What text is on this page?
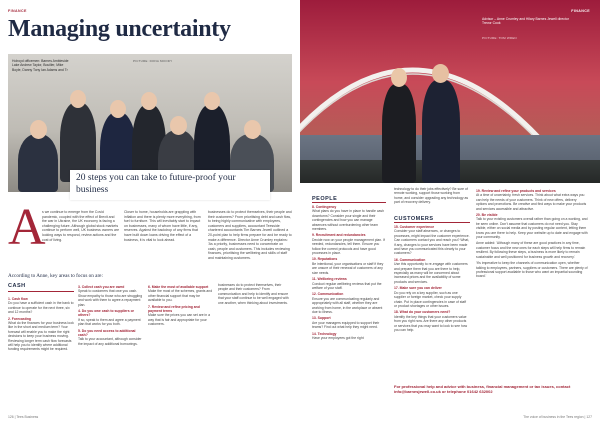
FINANCE
Managing uncertainty
Holroyd officemen: Barnes Ambleside Lake Andrew Taylor, Bouiller, Mike Boyle, Danny Tony Ian Adams and Tr
PICTURE: DONA MOODY
20 steps you can take to future-proof your business
A

s we continue to emerge from the Covid pandemic, coupled with the effect of Brexit and the war in Ukraine, the UK economy is facing a challenging future. Although global stock markets continue to perform well, UK business owners are looking ways to respond, review actions and the cost of living.

Closer to home, households are grappling with inflation and there is plenty more everything, from fuel to furniture. This will inevitably start to impact on businesses, many of whom have little, if any, reserves. Against the backdrop of any firms that have built down loans driving the effect of a business, it is vital to look ahead.

businesses do to protect themselves, their people and their customers? From prioritising debt and cash flow, to being highly communicative with employees, customers and suppliers, accountant Teesside chartered accountants Tim Barnes Jewell outlined a 20-point plan to help firms prepare for and be ready to make a difference. Director Anne Crumley explains: 'As a priority, businesses need to concentrate on cash, people and customers. This includes reviewing finances, prioritising the wellbeing and skills of staff and maintaining customers.

According to Anne, key areas to focus on are:
CASH
1. Cash flow
Do you have a sufficient cash in the bank to continue to operate for the next three, six and 12 months?
2. Forecasting
What do the finances for your business look like in the short and medium term? Your forecast will enable you to make the right decisions to keep your business moving. Reviewing longer term cash flow forecasts will help you to identify where additional funding requirements might be required.
3. Collect cash you are owed
Speak to customers that owe you cash. Show empathy to those who are struggling and work with them to agree a repayment plan.
4. Do you owe cash to suppliers or others?
If so, speak to them and agree a payment plan that works for you both.
5. Do you need access to additional cash?
Talk to your accountant, although consider the impact of any additional borrowings.
6. Make the most of available support
Make the most of the schemes, grants and other financial support that may be available to you.
7. Review and refine pricing and payment terms
Make sure the prices you can set are in a way that is fair and appropriate for your customers.
businesses do to protect themselves, their people and their customers? From communication and help to identify and ensure that your staff continue to be well engaged with one another, when thinking about investments.
126 | Tees Business
FINANCE
Advisor – Anne Crumley and Hilary Barnes Jewell director Trevor Cook
PICTURE: TOM WREN
PEOPLE
8. Contingency
What plans do you have in place to handle cash downturns? Consider your single and their contingencies and how you can manage absences without overburdening other team members.
9. Recruitment and redundancies
Decide now on your people management plan. If needed, redundancies, tell them. Ensure you follow the correct protocols and have good processes in place.
10. Reputations
Be intentional, your organisations or staff if they are unsure of their renewal of customers of any size needs.
11. Wellbeing reviews
Conduct regular wellbeing reviews that put the welfare of your staff.
12. Communication
Ensure you are communicating regularly and appropriately with all staff, whether they are working from home, in the workplace or absent due to illness.
13. Support
Are your managers equipped to support their teams? Find out what help they might need.
14. Technology
Have your employees got the right
technology to do their jobs effectively? Be sure of remote working, support those working from home, and consider upgrading any technology as part of recovery delivery.
CUSTOMERS
15. Customer experience
Consider your staff absences, or changes to processes, might impact the customer experience. Can customers contact you and reach you? What, if any, changes to your services have been made and have you communicated this clearly to your customers?
16. Communication
Use this opportunity to re-engage with customers and prepare them that you are there to help, especially as many will be concerned about increased prices and the availability of some products and services.
17. Make sure you can deliver
Do you rely on a key supplier, such as one supplier or foreign market, check your supply chain. Put in place contingencies in case of staff or product shortages or other issues.
18. What do your customers need?
Identify the key things that your customers value from you right now. Are there any other products or services that you may want to look to see how you can help.
19. Review and refine your products and services
At a time of uncertainty, fresh services. Think about what extra ways you can help the needs of your customers. Think of new offers, delivery options and promotions. Be creative and find ways to make your products and services accessible and attractive.
20. Be visible
Talk to your existing customers overall rather than going on a working, and be seen online. Don't assume that customers do not need you. Stay visible, either on social media and by posting regular content, letting them know you are there to help. Keep your website up to date and engage with your community.
Anne added: 'Although many of these are good practices in any time, customer focus and the new ones for each steps will help firms to remain resilient. By following these steps, a business is more likely to remain sustainable and well positioned for business growth and recovery.'
'It's imperative to keep the channels of communication open, whether talking to employees, partners, suppliers or customers. There are plenty of professional support available to those who want an impartial sounding board.'
For professional help and advice with business, financial management or tax issues, contact info@barnesjewell.co.uk or telephone 01642 632002
The voice of business in the Tees region | 127
